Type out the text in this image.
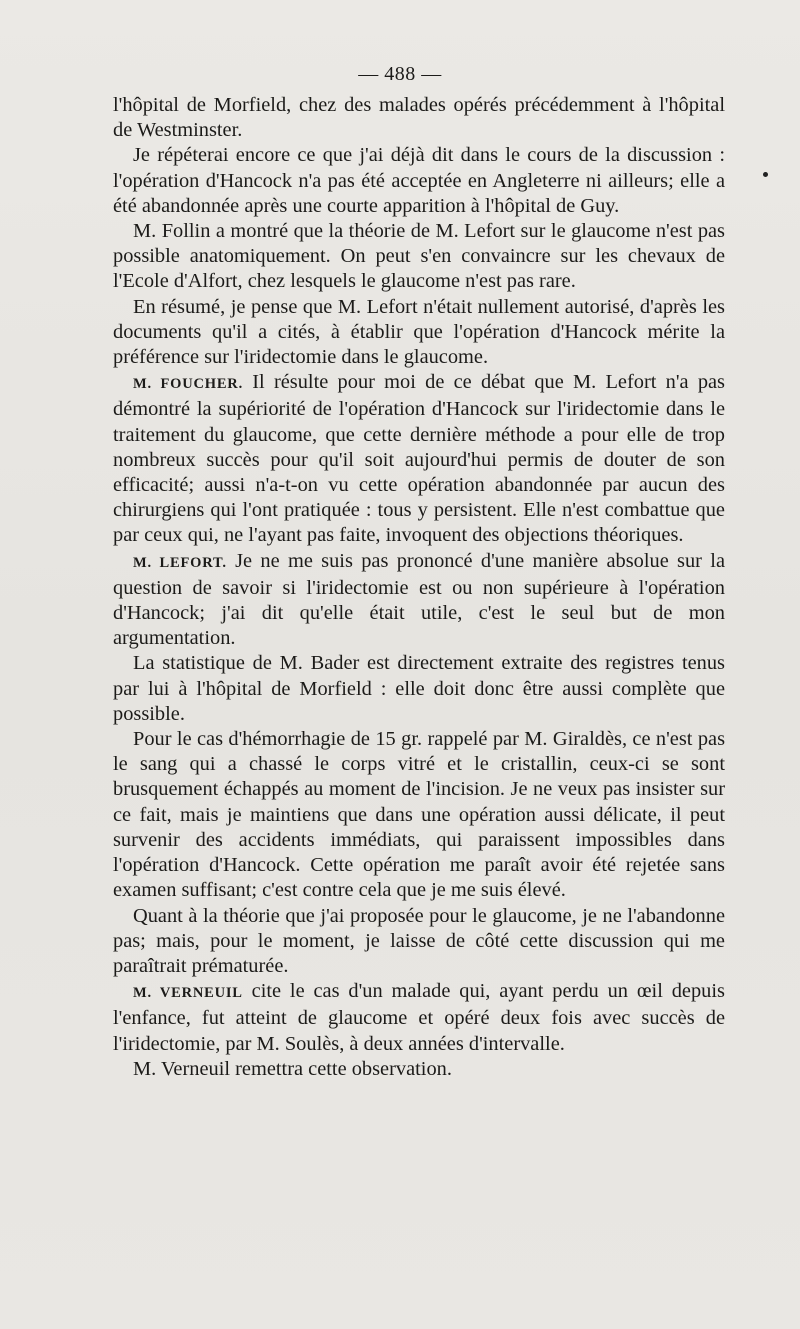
— 488 —

l'hôpital de Morfield, chez des malades opérés précédemment à l'hôpital de Westminster.

Je répéterai encore ce que j'ai déjà dit dans le cours de la discussion : l'opération d'Hancock n'a pas été acceptée en Angleterre ni ailleurs; elle a été abandonnée après une courte apparition à l'hôpital de Guy.

M. Follin a montré que la théorie de M. Lefort sur le glaucome n'est pas possible anatomiquement. On peut s'en convaincre sur les chevaux de l'Ecole d'Alfort, chez lesquels le glaucome n'est pas rare.

En résumé, je pense que M. Lefort n'était nullement autorisé, d'après les documents qu'il a cités, à établir que l'opération d'Hancock mérite la préférence sur l'iridectomie dans le glaucome.

M. FOUCHER. Il résulte pour moi de ce débat que M. Lefort n'a pas démontré la supériorité de l'opération d'Hancock sur l'iridectomie dans le traitement du glaucome, que cette dernière méthode a pour elle de trop nombreux succès pour qu'il soit aujourd'hui permis de douter de son efficacité; aussi n'a-t-on vu cette opération abandonnée par aucun des chirurgiens qui l'ont pratiquée : tous y persistent. Elle n'est combattue que par ceux qui, ne l'ayant pas faite, invoquent des objections théoriques.

M. LEFORT. Je ne me suis pas prononcé d'une manière absolue sur la question de savoir si l'iridectomie est ou non supérieure à l'opération d'Hancock; j'ai dit qu'elle était utile, c'est le seul but de mon argumentation.

La statistique de M. Bader est directement extraite des registres tenus par lui à l'hôpital de Morfield : elle doit donc être aussi complète que possible.

Pour le cas d'hémorrhagie de 15 gr. rappelé par M. Giraldès, ce n'est pas le sang qui a chassé le corps vitré et le cristallin, ceux-ci se sont brusquement échappés au moment de l'incision. Je ne veux pas insister sur ce fait, mais je maintiens que dans une opération aussi délicate, il peut survenir des accidents immédiats, qui paraissent impossibles dans l'opération d'Hancock. Cette opération me paraît avoir été rejetée sans examen suffisant; c'est contre cela que je me suis élevé.

Quant à la théorie que j'ai proposée pour le glaucome, je ne l'abandonne pas; mais, pour le moment, je laisse de côté cette discussion qui me paraîtrait prématurée.

M. VERNEUIL cite le cas d'un malade qui, ayant perdu un œil depuis l'enfance, fut atteint de glaucome et opéré deux fois avec succès de l'iridectomie, par M. Soulès, à deux années d'intervalle.

M. Verneuil remettra cette observation.
